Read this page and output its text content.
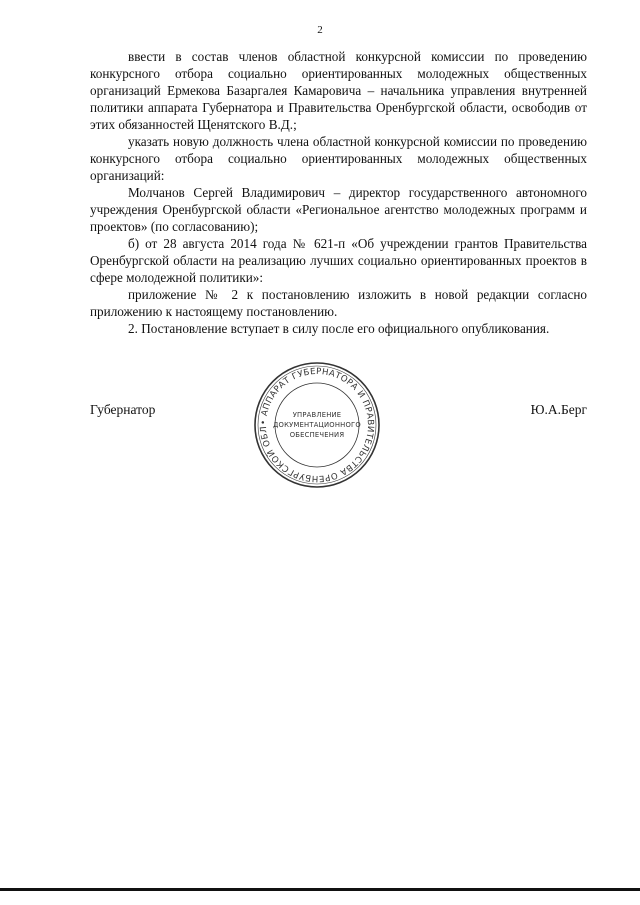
2

ввести в состав членов областной конкурсной комиссии по проведению конкурсного отбора социально ориентированных молодежных общественных организаций Ермекова Базаргалея Камаровича – начальника управления внутренней политики аппарата Губернатора и Правительства Оренбургской области, освободив от этих обязанностей Щенятского В.Д.;

указать новую должность члена областной конкурсной комиссии по проведению конкурсного отбора социально ориентированных молодежных общественных организаций:

Молчанов Сергей Владимирович – директор государственного автономного учреждения Оренбургской области «Региональное агентство молодежных программ и проектов» (по согласованию);

б) от 28 августа 2014 года № 621-п «Об учреждении грантов Правительства Оренбургской области на реализацию лучших социально ориентированных проектов в сфере молодежной политики»:

приложение № 2 к постановлению изложить в новой редакции согласно приложению к настоящему постановлению.

2. Постановление вступает в силу после его официального опубликования.

Губернатор	Ю.А.Берг
• АППАРАТ ГУБЕРНАТОРА И ПРАВИТЕЛЬСТВА ОРЕНБУРГСКОЙ ОБЛ
УПРАВЛЕНИЕ
ДОКУМЕНТАЦИОННОГО
ОБЕСПЕЧЕНИЯ
